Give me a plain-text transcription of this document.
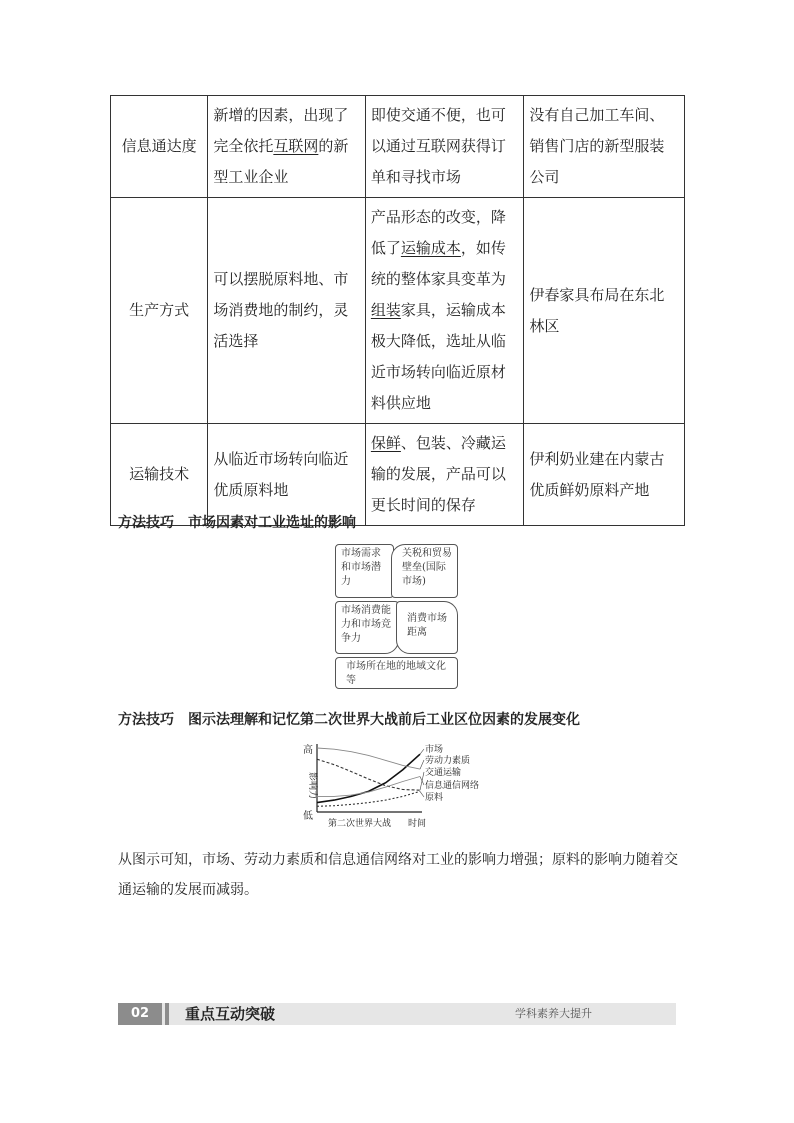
信息通达度	新增的因素，出现了完全依托互联网的新型工业企业	即使交通不便，也可以通过互联网获得订单和寻找市场	没有自己加工车间、销售门店的新型服装公司
生产方式	可以摆脱原料地、市场消费地的制约，灵活选择	产品形态的改变，降低了运输成本，如传统的整体家具变革为组装家具，运输成本极大降低，选址从临近市场转向临近原材料供应地	伊春家具布局在东北林区
运输技术	从临近市场转向临近优质原料地	保鲜、包装、冷藏运输的发展，产品可以更长时间的保存	伊利奶业建在内蒙古优质鲜奶原料产地
方法技巧　市场因素对工业选址的影响
市场需求和市场潜力
关税和贸易壁垒(国际市场)
市场消费能力和市场竞争力
消费市场距离
市场所在地的地域文化等
方法技巧　图示法理解和记忆第二次世界大战前后工业区位因素的发展变化
高
低
影响力
第二次世界大战 时间
市场
劳动力素质
交通运输
信息通信网络
原料
从图示可知，市场、劳动力素质和信息通信网络对工业的影响力增强；原料的影响力随着交通运输的发展而减弱。
02	重点互动突破	学科素养大提升
